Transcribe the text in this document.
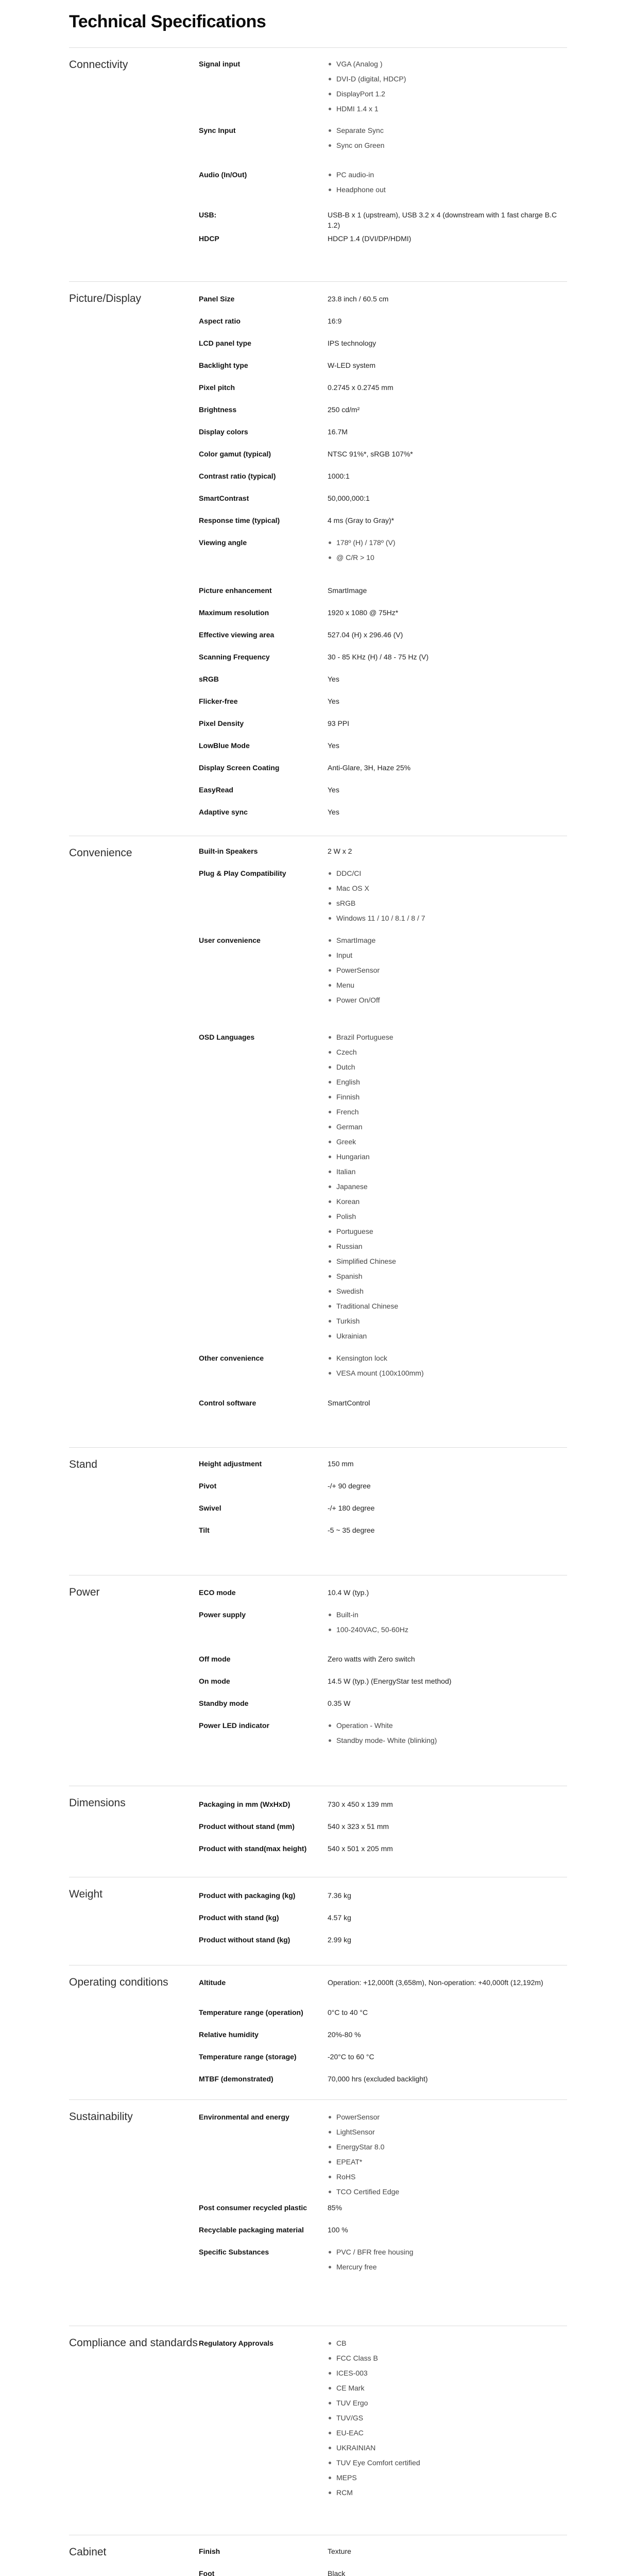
Technical Specifications
Connectivity	Signal input	VGA (Analog )
DVI-D (digital, HDCP)
DisplayPort 1.2
HDMI 1.4 x 1
Sync Input	Separate Sync
Sync on Green
Audio (In/Out)	PC audio-in
Headphone out
USB:	USB-B x 1 (upstream), USB 3.2 x 4 (downstream with 1 fast charge B.C 1.2)
HDCP	HDCP 1.4 (DVI/DP/HDMI)
Picture/Display	Panel Size	23.8 inch / 60.5 cm
Aspect ratio	16:9
LCD panel type	IPS technology
Backlight type	W-LED system
Pixel pitch	0.2745 x 0.2745 mm
Brightness	250 cd/m²
Display colors	16.7M
Color gamut (typical)	NTSC 91%*, sRGB 107%*
Contrast ratio (typical)	1000:1
SmartContrast	50,000,000:1
Response time (typical)	4 ms (Gray to Gray)*
Viewing angle	178º (H) / 178º (V)
@ C/R > 10
Picture enhancement	SmartImage
Maximum resolution	1920 x 1080 @ 75Hz*
Effective viewing area	527.04 (H) x 296.46 (V)
Scanning Frequency	30 - 85 KHz (H) / 48 - 75 Hz (V)
sRGB	Yes
Flicker-free	Yes
Pixel Density	93 PPI
LowBlue Mode	Yes
Display Screen Coating	Anti-Glare, 3H, Haze 25%
EasyRead	Yes
Adaptive sync	Yes
Convenience	Built-in Speakers	2 W x 2
Plug & Play Compatibility	DDC/CI
Mac OS X
sRGB
Windows 11 / 10 / 8.1 / 8 / 7
User convenience	SmartImage
Input
PowerSensor
Menu
Power On/Off
OSD Languages	Brazil Portuguese
Czech
Dutch
English
Finnish
French
German
Greek
Hungarian
Italian
Japanese
Korean
Polish
Portuguese
Russian
Simplified Chinese
Spanish
Swedish
Traditional Chinese
Turkish
Ukrainian
Other convenience	Kensington lock
VESA mount (100x100mm)
Control software	SmartControl
Stand	Height adjustment	150 mm
Pivot	-/+ 90 degree
Swivel	-/+ 180 degree
Tilt	-5 ~ 35 degree
Power	ECO mode	10.4 W (typ.)
Power supply	Built-in
100-240VAC, 50-60Hz
Off mode	Zero watts with Zero switch
On mode	14.5 W (typ.) (EnergyStar test method)
Standby mode	0.35 W
Power LED indicator	Operation - White
Standby mode- White (blinking)
Dimensions	Packaging in mm (WxHxD)	730 x 450 x 139 mm
Product without stand (mm)	540 x 323 x 51 mm
Product with stand(max height)	540 x 501 x 205 mm
Weight	Product with packaging (kg)	7.36 kg
Product with stand (kg)	4.57 kg
Product without stand (kg)	2.99 kg
Operating conditions	Altitude	Operation: +12,000ft (3,658m), Non-operation: +40,000ft (12,192m)
Temperature range (operation)	0°C to 40 °C
Relative humidity	20%-80 %
Temperature range (storage)	-20°C to 60 °C
MTBF (demonstrated)	70,000 hrs (excluded backlight)
Sustainability	Environmental and energy	PowerSensor
LightSensor
EnergyStar 8.0
EPEAT*
RoHS
TCO Certified Edge
Post consumer recycled plastic	85%
Recyclable packaging material	100 %
Specific Substances	PVC / BFR free housing
Mercury free
Compliance and standards Regulatory Approvals	CB
FCC Class B
ICES-003
CE Mark
TUV Ergo
TUV/GS
EU-EAC
UKRAINIAN
TUV Eye Comfort certified
MEPS
RCM
Cabinet	Finish	Texture
Foot	Black
